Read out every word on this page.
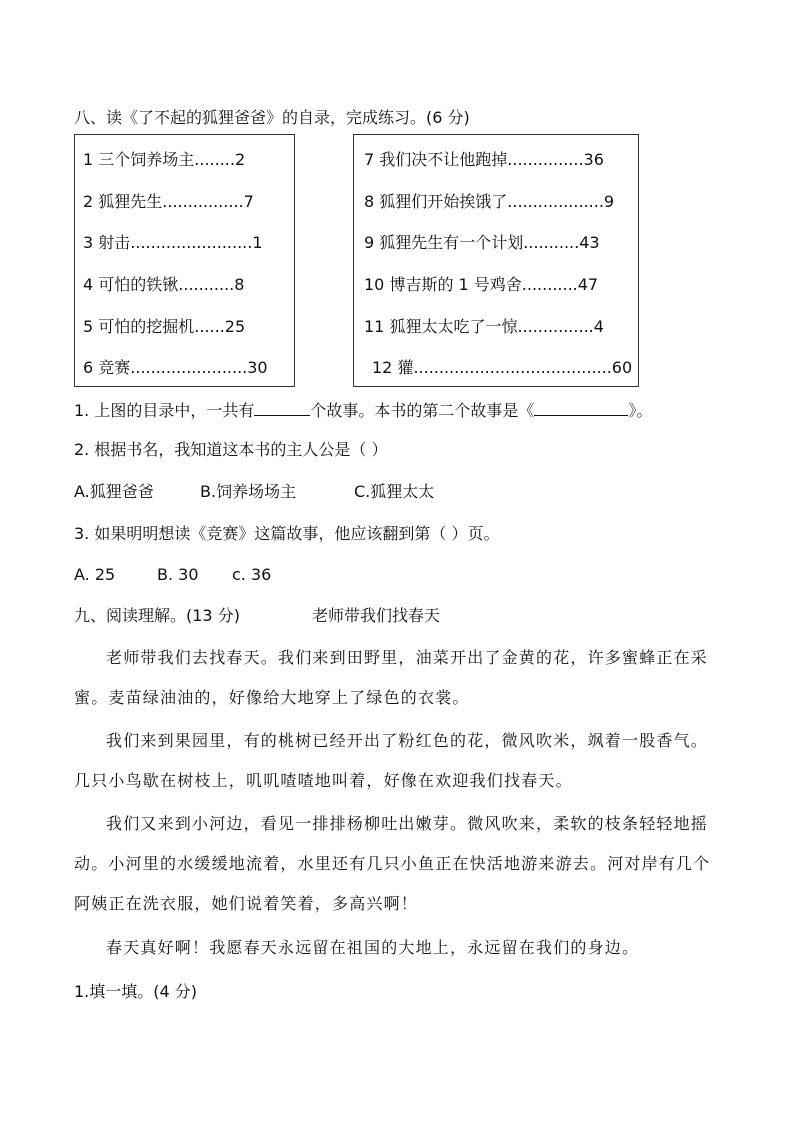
八、读《了不起的狐狸爸爸》的自录，完成练习。(6 分)
1 三个饲养场主........2
2 狐狸先生................7
3 射击........................1
4 可怕的铁锹...........8
5 可怕的挖掘机......25
6 竞赛.......................30
7 我们决不让他跑掉...............36
8 狐狸们开始挨饿了...................9
9 狐狸先生有一个计划...........43
10 博吉斯的 1 号鸡舍...........47
11 狐狸太太吃了一惊...............4
12 獾.......................................60
1. 上图的目录中，一共有	个故事。本书的第二个故事是《	》。
2. 根据书名，我知道这本书的主人公是（ ）
A.狐狸爸爸	B.饲养场场主	C.狐狸太太
3. 如果明明想读《竞赛》这篇故事，他应该翻到第（ ）页。
A. 25	B. 30 c. 36
九、阅读理解。(13 分)	老师带我们找春天
老师带我们去找春天。我们来到田野里，油菜开出了金黄的花，许多蜜蜂正在采蜜。麦苗绿油油的，好像给大地穿上了绿色的衣裳。
我们来到果园里，有的桃树已经开出了粉红色的花，微风吹米，飒着一股香气。几只小鸟歇在树枝上，叽叽喳喳地叫着，好像在欢迎我们找春天。
我们又来到小河边，看见一排排杨柳吐出嫩芽。微风吹来，柔软的枝条轻轻地摇动。小河里的水缓缓地流着，水里还有几只小鱼正在快活地游来游去。河对岸有几个阿姨正在洗衣服，她们说着笑着，多高兴啊！
春天真好啊！我愿春天永远留在祖国的大地上，永远留在我们的身边。
1.填一填。(4 分)
